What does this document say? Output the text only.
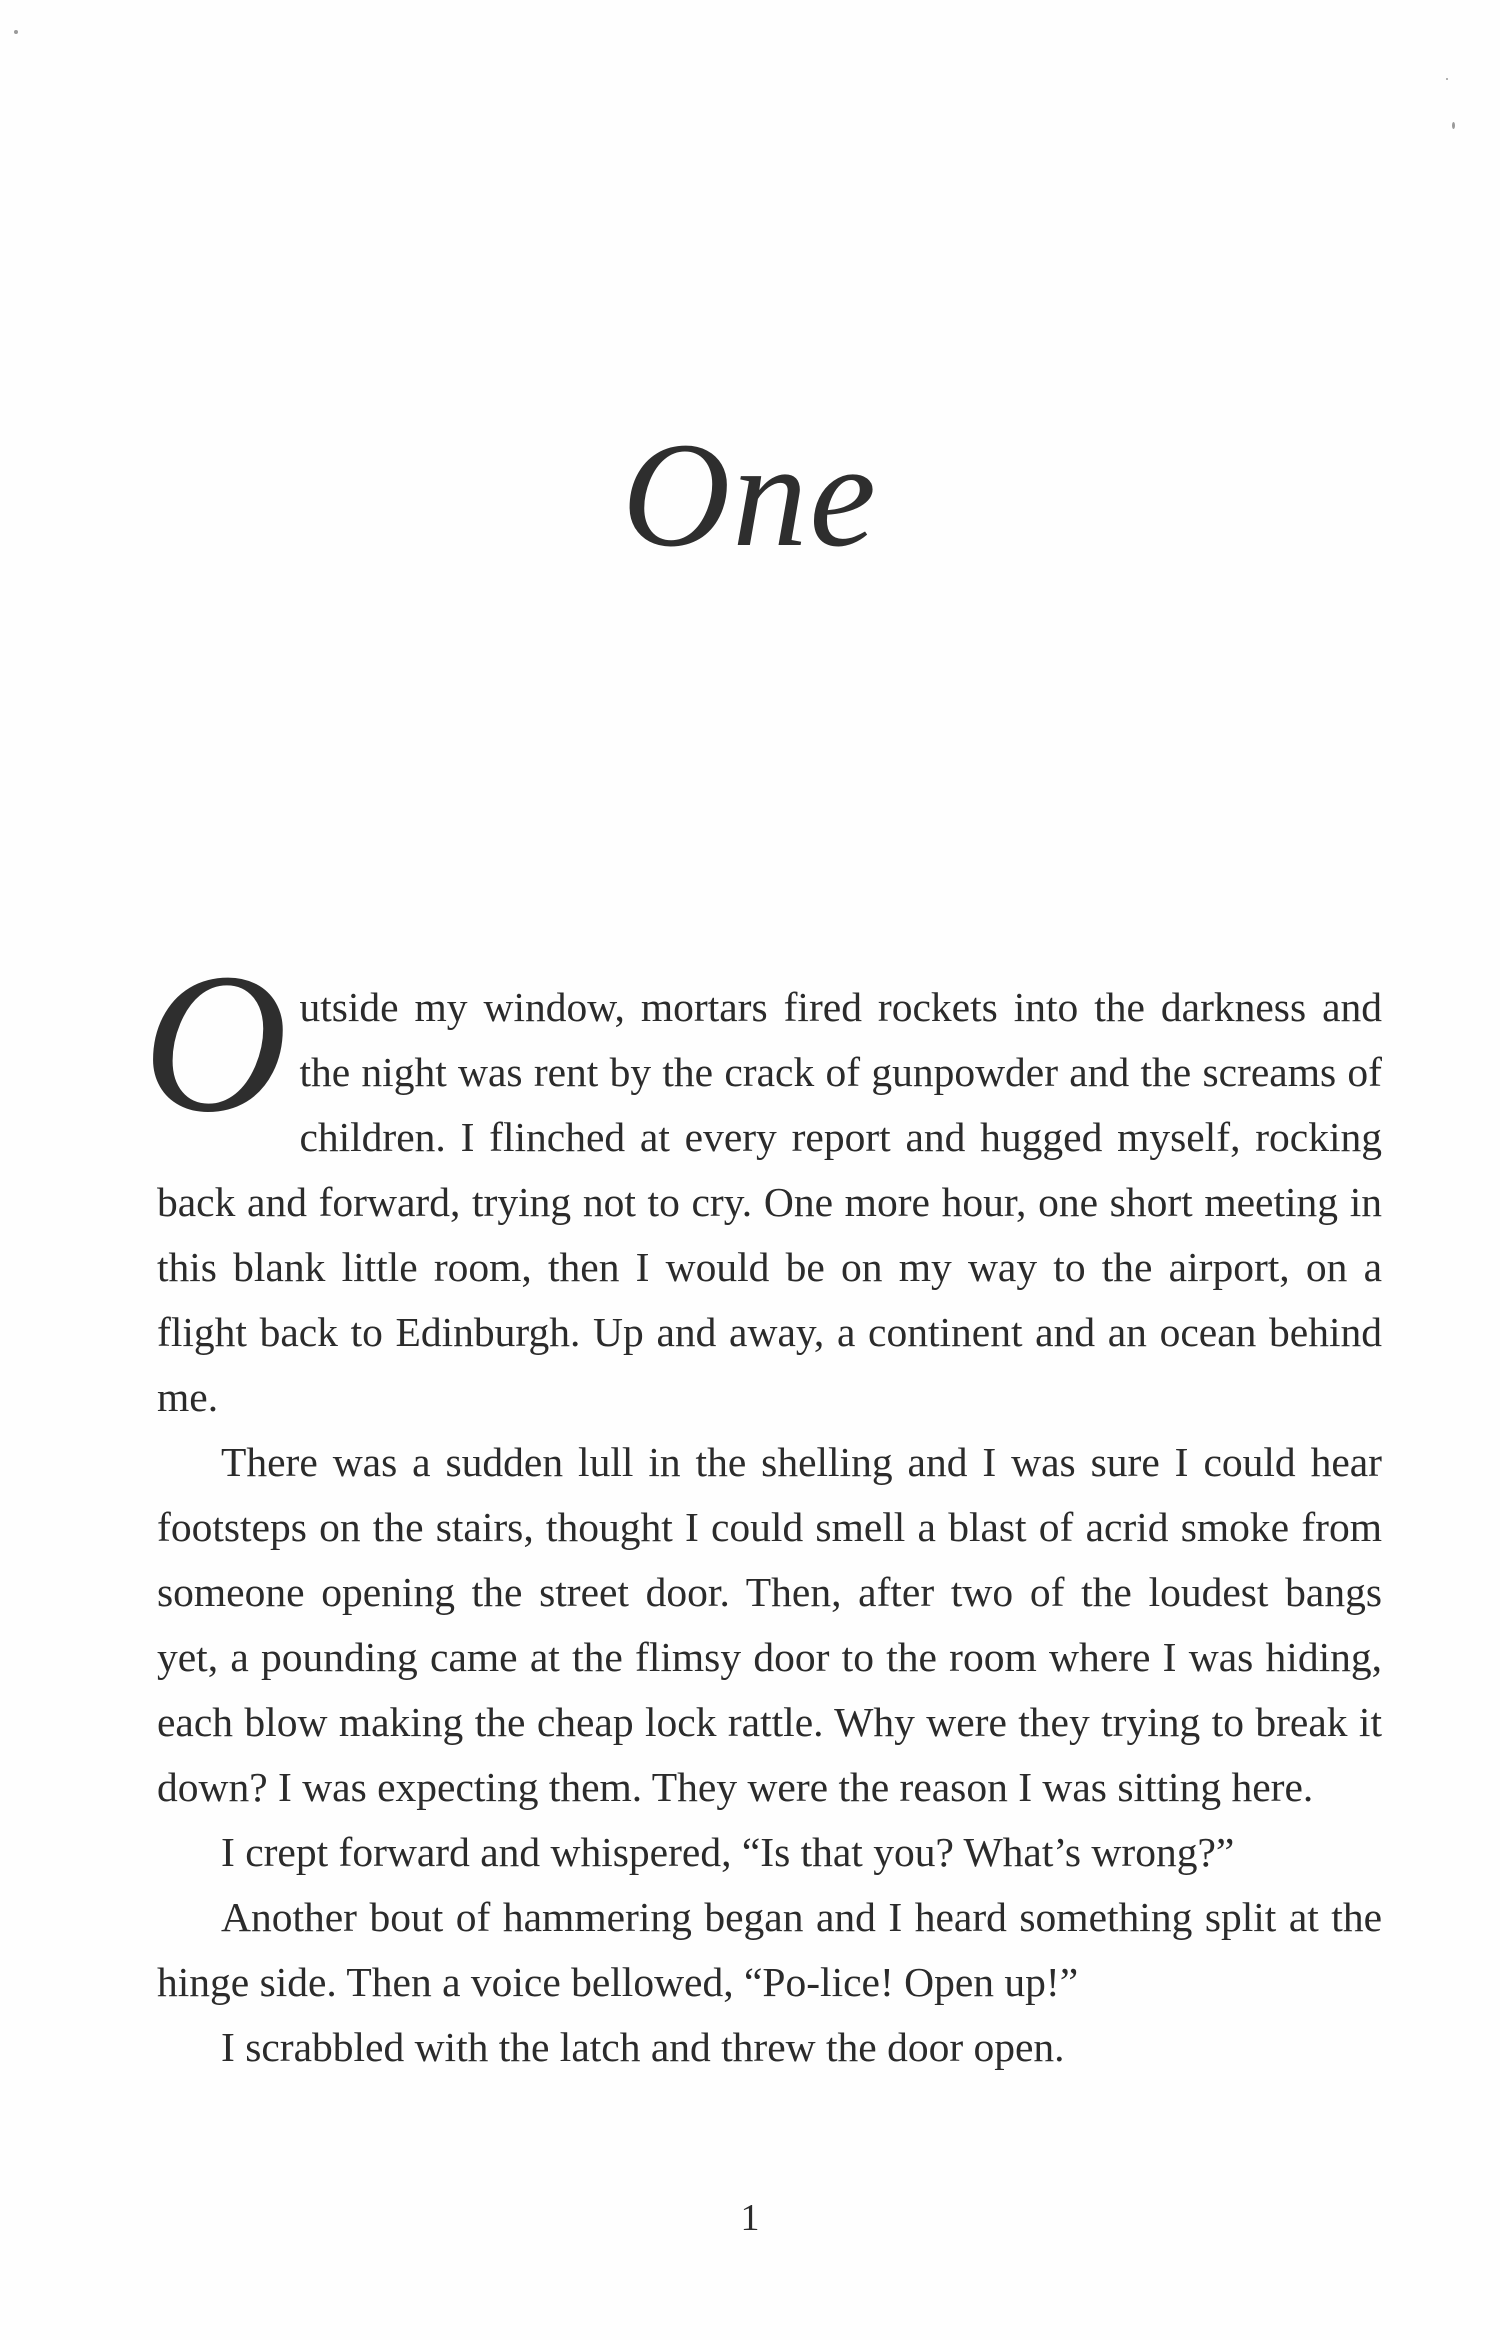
One

Outside my window, mortars fired rockets into the darkness and the night was rent by the crack of gunpowder and the screams of children. I flinched at every report and hugged myself, rocking back and forward, trying not to cry. One more hour, one short meeting in this blank little room, then I would be on my way to the airport, on a flight back to Edinburgh. Up and away, a continent and an ocean behind me.

There was a sudden lull in the shelling and I was sure I could hear footsteps on the stairs, thought I could smell a blast of acrid smoke from someone opening the street door. Then, after two of the loudest bangs yet, a pounding came at the flimsy door to the room where I was hiding, each blow making the cheap lock rattle. Why were they trying to break it down? I was expecting them. They were the reason I was sitting here.

I crept forward and whispered, “Is that you? What’s wrong?”

Another bout of hammering began and I heard something split at the hinge side. Then a voice bellowed, “Po-lice! Open up!”

I scrabbled with the latch and threw the door open.

1
